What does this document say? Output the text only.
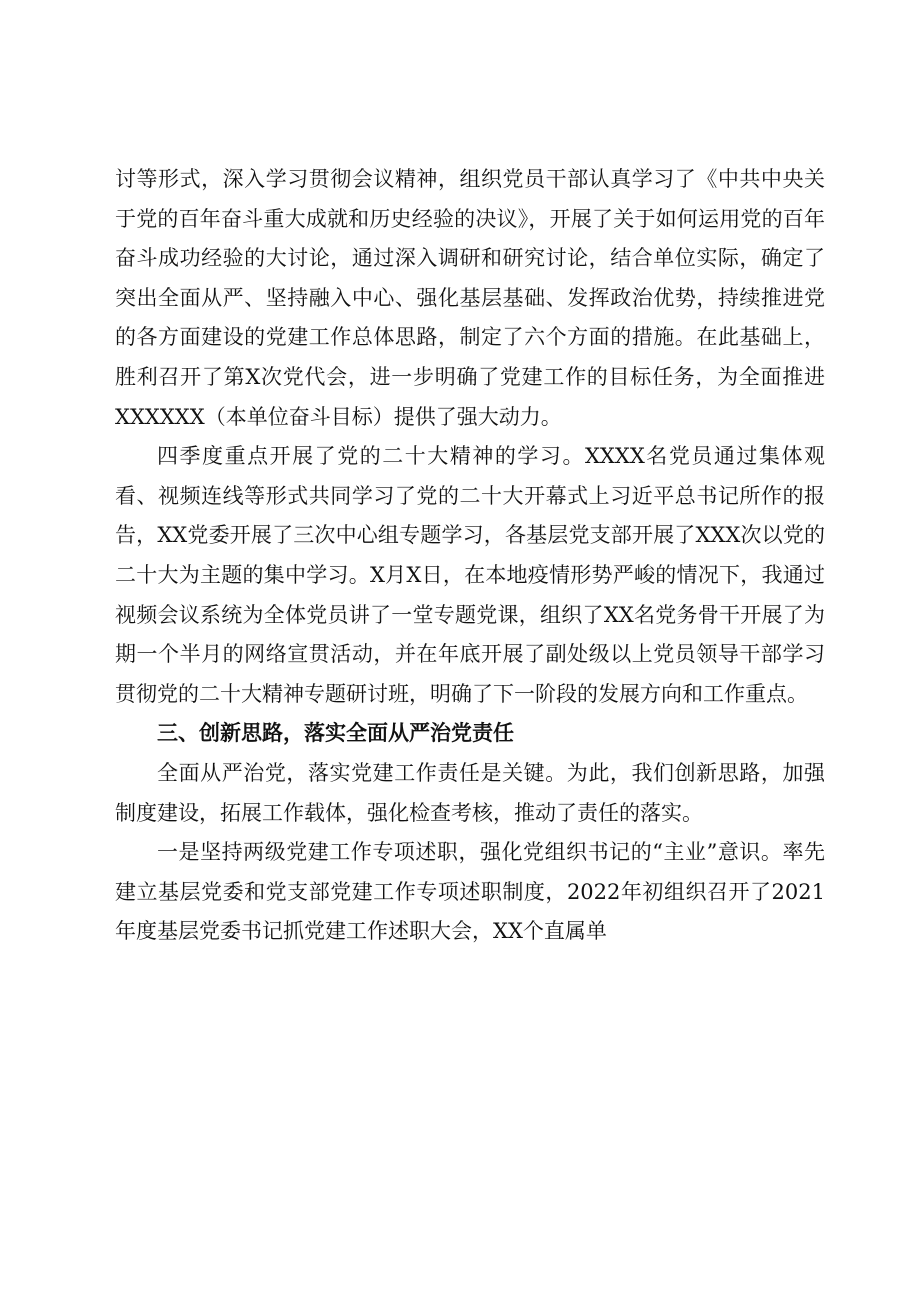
讨等形式，深入学习贯彻会议精神，组织党员干部认真学习了《中共中央关于党的百年奋斗重大成就和历史经验的决议》，开展了关于如何运用党的百年奋斗成功经验的大讨论，通过深入调研和研究讨论，结合单位实际，确定了突出全面从严、坚持融入中心、强化基层基础、发挥政治优势，持续推进党的各方面建设的党建工作总体思路，制定了六个方面的措施。在此基础上，胜利召开了第X次党代会，进一步明确了党建工作的目标任务，为全面推进XXXXXX（本单位奋斗目标）提供了强大动力。

四季度重点开展了党的二十大精神的学习。XXXX名党员通过集体观看、视频连线等形式共同学习了党的二十大开幕式上习近平总书记所作的报告，XX党委开展了三次中心组专题学习，各基层党支部开展了XXX次以党的二十大为主题的集中学习。X月X日，在本地疫情形势严峻的情况下，我通过视频会议系统为全体党员讲了一堂专题党课，组织了XX名党务骨干开展了为期一个半月的网络宣贯活动，并在年底开展了副处级以上党员领导干部学习贯彻党的二十大精神专题研讨班，明确了下一阶段的发展方向和工作重点。

三、创新思路，落实全面从严治党责任

全面从严治党，落实党建工作责任是关键。为此，我们创新思路，加强制度建设，拓展工作载体，强化检查考核，推动了责任的落实。

一是坚持两级党建工作专项述职，强化党组织书记的“主业”意识。率先建立基层党委和党支部党建工作专项述职制度，2022年初组织召开了2021年度基层党委书记抓党建工作述职大会，XX个直属单
